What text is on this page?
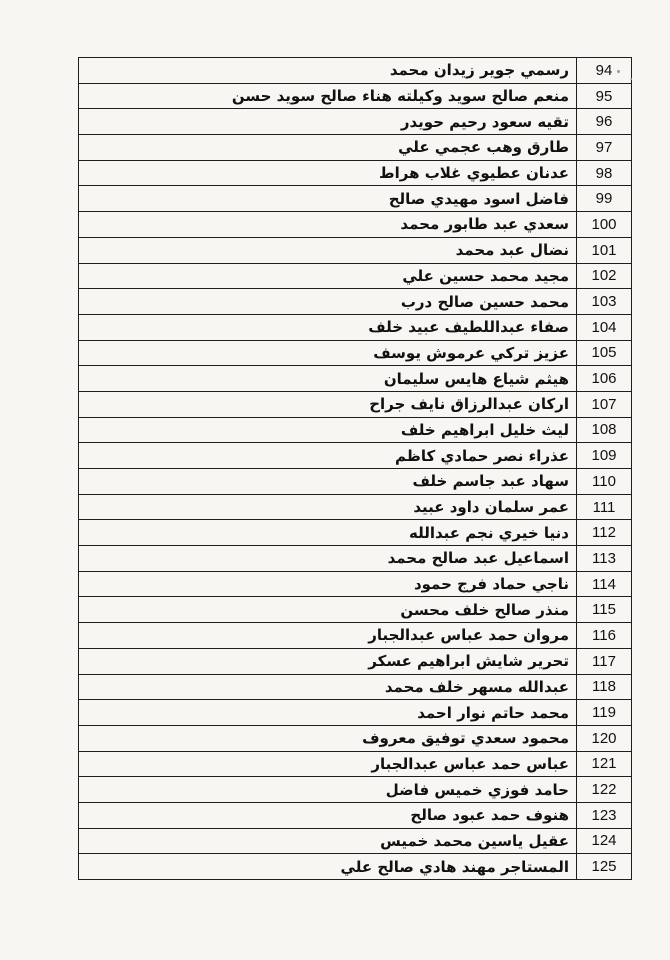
رسمي جوير زيدان محمد	94
منعم صالح سويد وكيلته هناء صالح سويد حسن	95
تقيه سعود رحيم حويدر	96
طارق وهب عجمي علي	97
عدنان عطيوي غلاب هراط	98
فاضل اسود مهيدي صالح	99
سعدي عبد طابور محمد	100
نضال عبد محمد	101
مجيد محمد حسين علي	102
محمد حسين صالح درب	103
صفاء عبداللطيف عبيد خلف	104
عزيز تركي عرموش يوسف	105
هيثم شياع هايس سليمان	106
اركان عبدالرزاق نايف جراح	107
ليث خليل ابراهيم خلف	108
عذراء نصر حمادي كاظم	109
سهاد عبد جاسم خلف	110
عمر سلمان داود عبيد	111
دنيا خيري نجم عبدالله	112
اسماعيل عبد صالح محمد	113
ناجي حماد فرج حمود	114
منذر صالح خلف محسن	115
مروان حمد عباس عبدالجبار	116
تحرير شايش ابراهيم عسكر	117
عبدالله مسهر خلف محمد	118
محمد حاتم نوار احمد	119
محمود سعدي توفيق معروف	120
عباس حمد عباس عبدالجبار	121
حامد فوزي خميس فاضل	122
هنوف حمد عبود صالح	123
عقيل ياسين محمد خميس	124
المستاجر مهند هادي صالح علي	125
